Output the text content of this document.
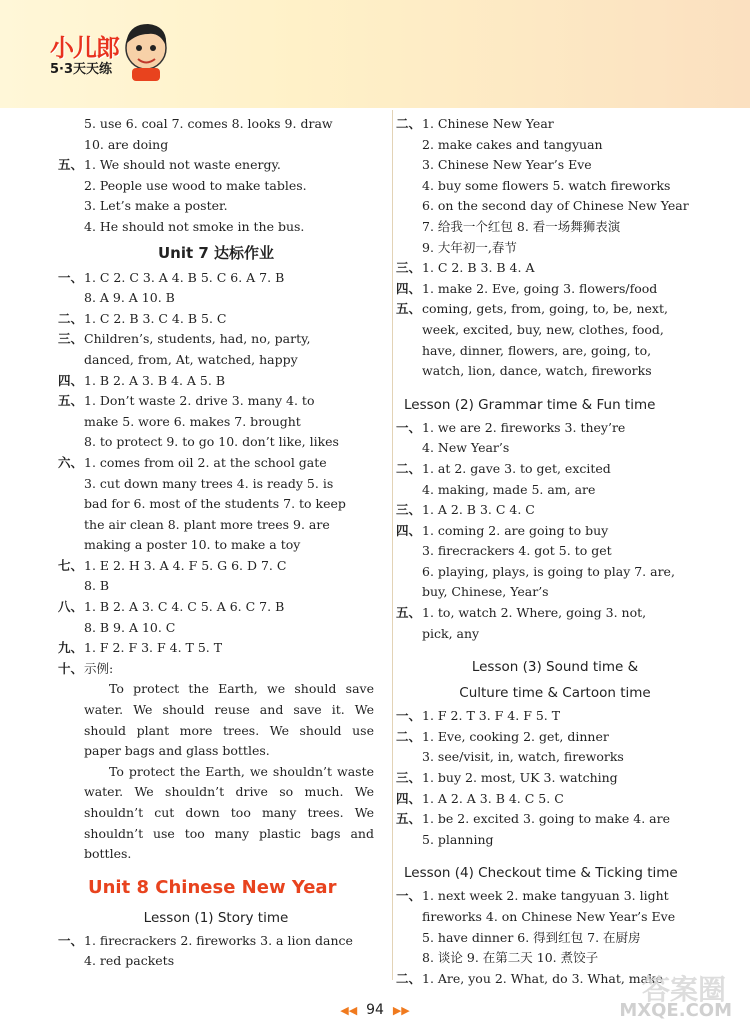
小儿郎
5·3天天练
5. use 6. coal 7. comes 8. looks 9. draw
10. are doing
五、 1. We should not waste energy.
2. People use wood to make tables.
3. Let’s make a poster.
4. He should not smoke in the bus.
Unit 7 达标作业
一、 1. C 2. C 3. A 4. B 5. C 6. A 7. B
8. A 9. A 10. B
二、 1. C 2. B 3. C 4. B 5. C
三、 Children’s, students, had, no, party,
danced, from, At, watched, happy
四、 1. B 2. A 3. B 4. A 5. B
五、 1. Don’t waste 2. drive 3. many 4. to
make 5. wore 6. makes 7. brought
8. to protect 9. to go 10. don’t like, likes
六、 1. comes from oil 2. at the school gate
3. cut down many trees 4. is ready 5. is
bad for 6. most of the students 7. to keep
the air clean 8. plant more trees 9. are
making a poster 10. to make a toy
七、 1. E 2. H 3. A 4. F 5. G 6. D 7. C
8. B
八、 1. B 2. A 3. C 4. C 5. A 6. C 7. B
8. B 9. A 10. C
九、 1. F 2. F 3. F 4. T 5. T
十、 示例:
To protect the Earth, we should save water. We should reuse and save it. We should plant more trees. We should use paper bags and glass bottles.
To protect the Earth, we shouldn’t waste water. We shouldn’t drive so much. We shouldn’t cut down too many trees. We shouldn’t use too many plastic bags and bottles.
Unit 8 Chinese New Year
Lesson (1) Story time
一、 1. firecrackers 2. fireworks 3. a lion dance
4. red packets
二、 1. Chinese New Year
2. make cakes and tangyuan
3. Chinese New Year’s Eve
4. buy some flowers 5. watch fireworks
6. on the second day of Chinese New Year
7. 给我一个红包 8. 看一场舞狮表演
9. 大年初一,春节
三、 1. C 2. B 3. B 4. A
四、 1. make 2. Eve, going 3. flowers/food
五、 coming, gets, from, going, to, be, next,
week, excited, buy, new, clothes, food,
have, dinner, flowers, are, going, to,
watch, lion, dance, watch, fireworks
Lesson (2) Grammar time & Fun time
一、 1. we are 2. fireworks 3. they’re
4. New Year’s
二、 1. at 2. gave 3. to get, excited
4. making, made 5. am, are
三、 1. A 2. B 3. C 4. C
四、 1. coming 2. are going to buy
3. firecrackers 4. got 5. to get
6. playing, plays, is going to play 7. are,
buy, Chinese, Year’s
五、 1. to, watch 2. Where, going 3. not,
pick, any
Lesson (3) Sound time &
Culture time & Cartoon time
一、 1. F 2. T 3. F 4. F 5. T
二、 1. Eve, cooking 2. get, dinner
3. see/visit, in, watch, fireworks
三、 1. buy 2. most, UK 3. watching
四、 1. A 2. A 3. B 4. C 5. C
五、 1. be 2. excited 3. going to make 4. are
5. planning
Lesson (4) Checkout time & Ticking time
一、 1. next week 2. make tangyuan 3. light
fireworks 4. on Chinese New Year’s Eve
5. have dinner 6. 得到红包 7. 在厨房
8. 谈论 9. 在第二天 10. 煮饺子
二、 1. Are, you 2. What, do 3. What, make
◀◀ 94 ▶▶
答案圈
MXQE.COM
